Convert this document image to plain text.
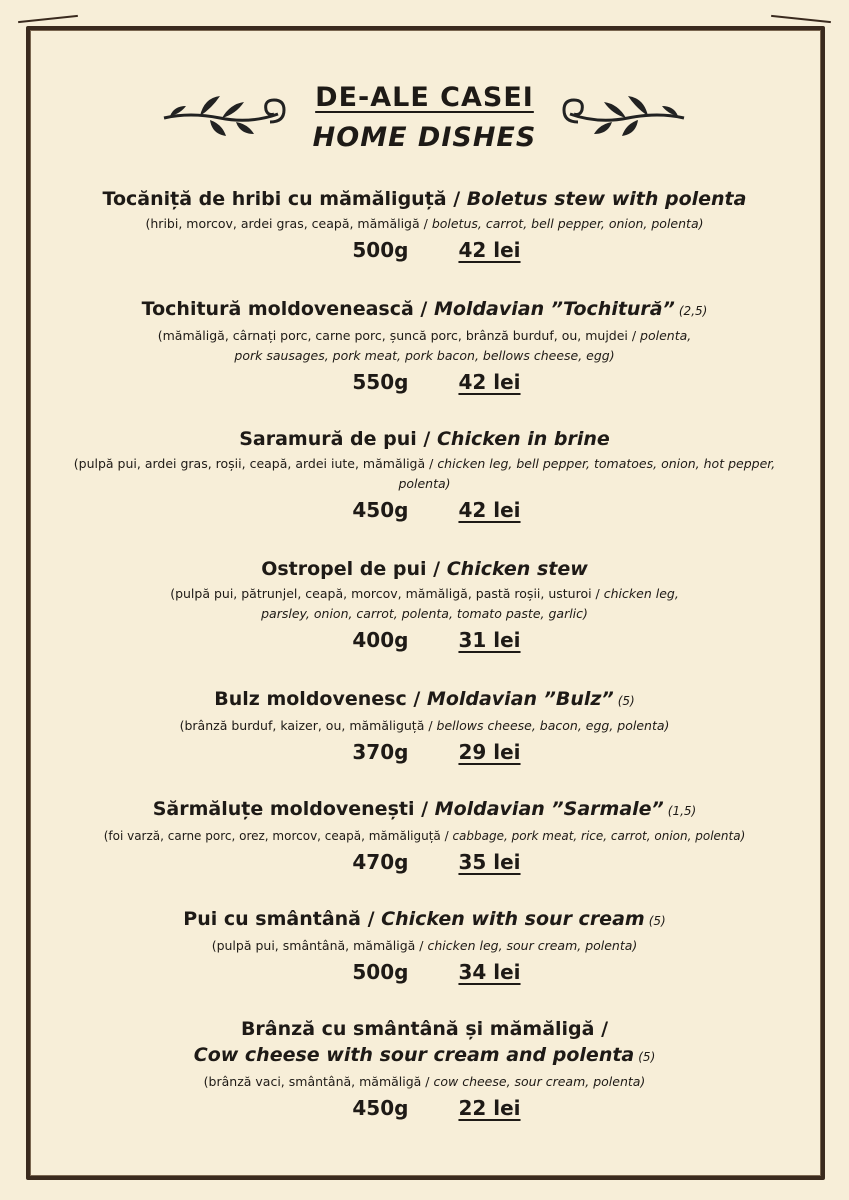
DE-ALE CASEI
HOME DISHES
Tocăniță de hribi cu mămăliguță / Boletus stew with polenta
(hribi, morcov, ardei gras, ceapă, mămăligă / boletus, carrot, bell pepper, onion, polenta)
500g	42 lei
Tochitură moldovenească / Moldavian ”Tochitură” (2,5)
(mămăligă, cârnați porc, carne porc, șuncă porc, brânză burduf, ou, mujdei / polenta, pork sausages, pork meat, pork bacon, bellows cheese, egg)
550g	42 lei
Saramură de pui / Chicken in brine
(pulpă pui, ardei gras, roșii, ceapă, ardei iute, mămăligă / chicken leg, bell pepper, tomatoes, onion, hot pepper, polenta)
450g	42 lei
Ostropel de pui / Chicken stew
(pulpă pui, pătrunjel, ceapă, morcov, mămăligă, pastă roșii, usturoi / chicken leg, parsley, onion, carrot, polenta, tomato paste, garlic)
400g	31 lei
Bulz moldovenesc / Moldavian ”Bulz” (5)
(brânză burduf, kaizer, ou, mămăliguță / bellows cheese, bacon, egg, polenta)
370g	29 lei
Sărmăluțe moldovenești / Moldavian ”Sarmale” (1,5)
(foi varză, carne porc, orez, morcov, ceapă, mămăliguță / cabbage, pork meat, rice, carrot, onion, polenta)
470g	35 lei
Pui cu smântână / Chicken with sour cream (5)
(pulpă pui, smântână, mămăligă / chicken leg, sour cream, polenta)
500g	34 lei
Brânză cu smântână și mămăligă /
Cow cheese with sour cream and polenta (5)
(brânză vaci, smântână, mămăligă / cow cheese, sour cream, polenta)
450g	22 lei
